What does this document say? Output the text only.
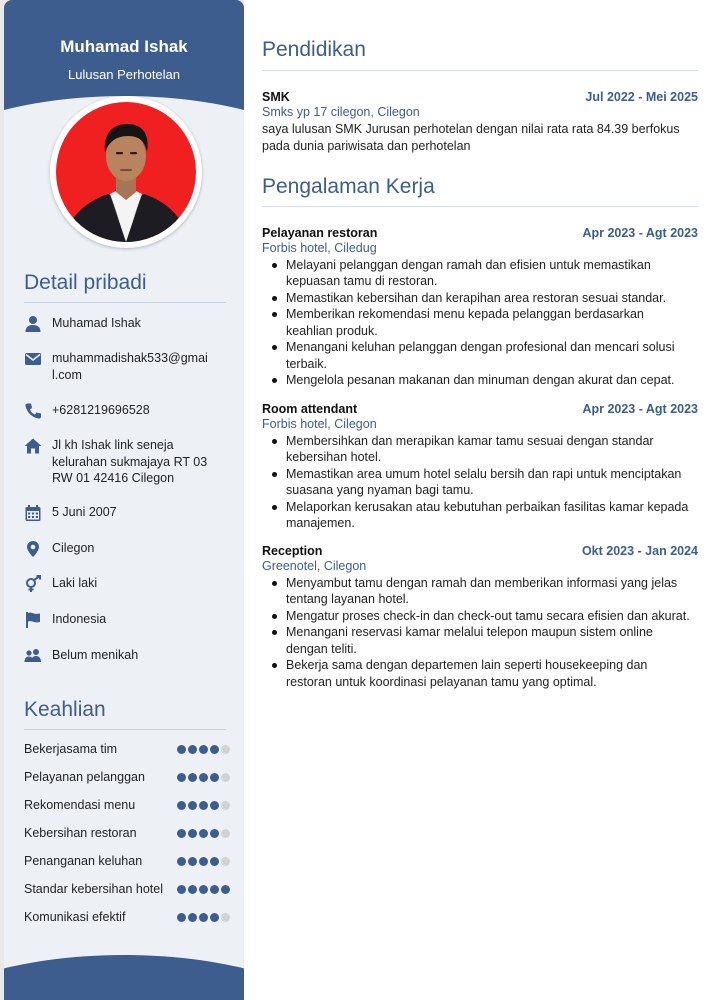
Muhamad Ishak
Lulusan Perhotelan
Detail pribadi
Muhamad Ishak
muhammadishak533@gmail.com
+6281219696528
Jl kh Ishak link seneja kelurahan sukmajaya RT 03 RW 01 42416 Cilegon
5 Juni 2007
Cilegon
Laki laki
Indonesia
Belum menikah
Keahlian
Bekerjasama tim
Pelayanan pelanggan
Rekomendasi menu
Kebersihan restoran
Penanganan keluhan
Standar kebersihan hotel
Komunikasi efektif
Pendidikan
SMK	Jul 2022 - Mei 2025
Smks yp 17 cilegon, Cilegon
saya lulusan SMK Jurusan perhotelan dengan nilai rata rata 84.39 berfokus pada dunia pariwisata dan perhotelan
Pengalaman Kerja
Pelayanan restoran	Apr 2023 - Agt 2023
Forbis hotel, Ciledug
Melayani pelanggan dengan ramah dan efisien untuk memastikan kepuasan tamu di restoran.
Memastikan kebersihan dan kerapihan area restoran sesuai standar.
Memberikan rekomendasi menu kepada pelanggan berdasarkan keahlian produk.
Menangani keluhan pelanggan dengan profesional dan mencari solusi terbaik.
Mengelola pesanan makanan dan minuman dengan akurat dan cepat.
Room attendant	Apr 2023 - Agt 2023
Forbis hotel, Cilegon
Membersihkan dan merapikan kamar tamu sesuai dengan standar kebersihan hotel.
Memastikan area umum hotel selalu bersih dan rapi untuk menciptakan suasana yang nyaman bagi tamu.
Melaporkan kerusakan atau kebutuhan perbaikan fasilitas kamar kepada manajemen.
Reception	Okt 2023 - Jan 2024
Greenotel, Cilegon
Menyambut tamu dengan ramah dan memberikan informasi yang jelas tentang layanan hotel.
Mengatur proses check-in dan check-out tamu secara efisien dan akurat.
Menangani reservasi kamar melalui telepon maupun sistem online dengan teliti.
Bekerja sama dengan departemen lain seperti housekeeping dan restoran untuk koordinasi pelayanan tamu yang optimal.
